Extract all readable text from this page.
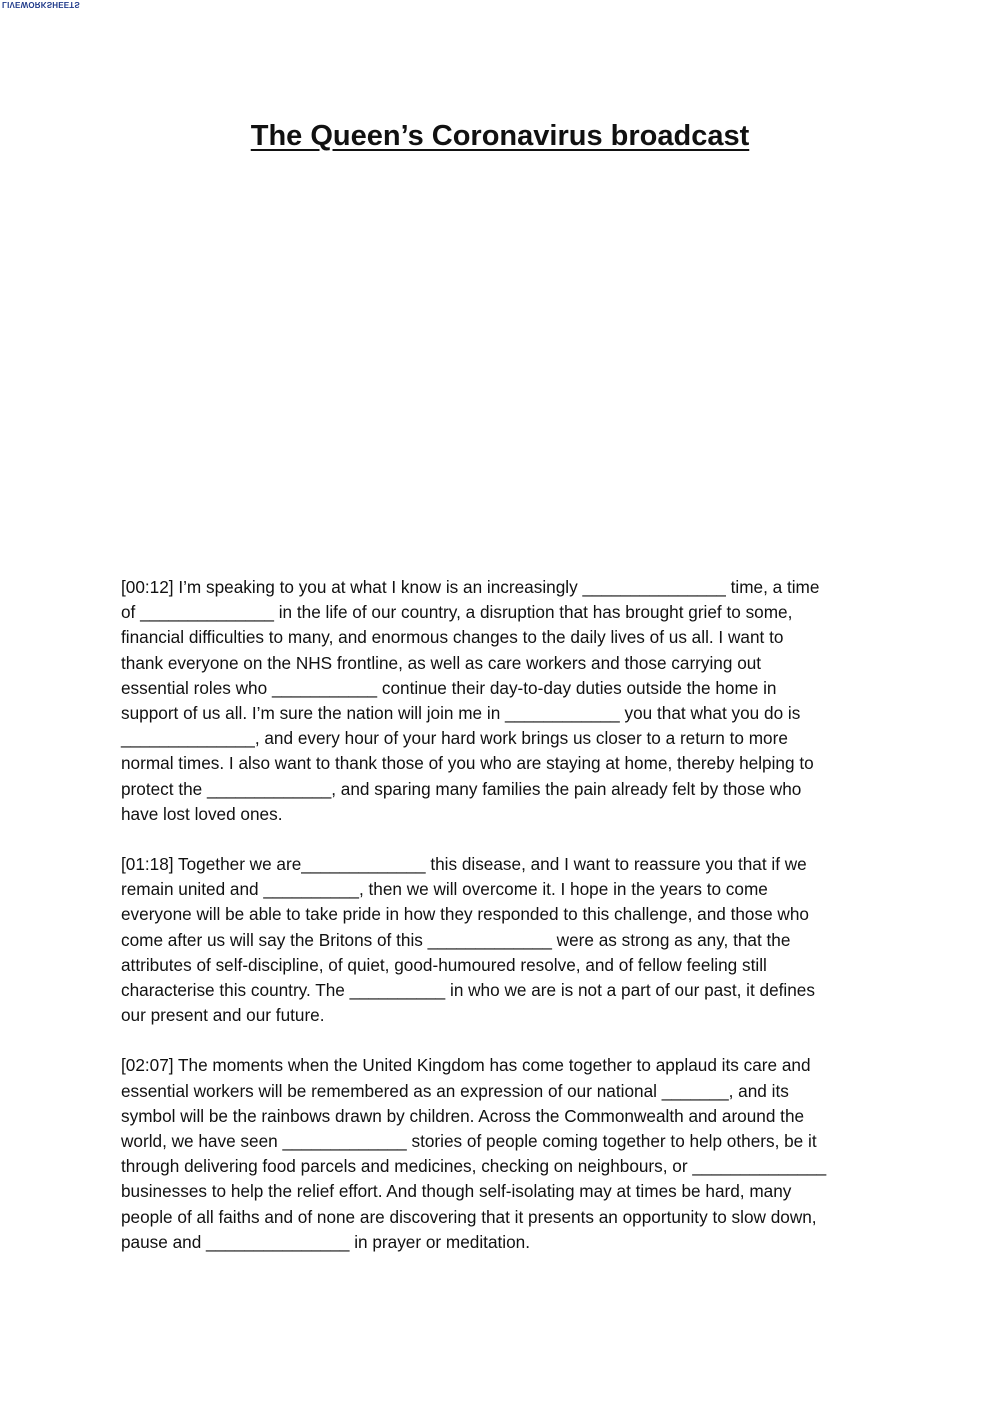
LIVEWORKSHEETS
The Queen’s Coronavirus broadcast

[00:12] I’m speaking to you at what I know is an increasingly _______________ time, a time
of ______________ in the life of our country, a disruption that has brought grief to some,
financial difficulties to many, and enormous changes to the daily lives of us all. I want to
thank everyone on the NHS frontline, as well as care workers and those carrying out
essential roles who ___________ continue their day-to-day duties outside the home in
support of us all. I’m sure the nation will join me in ____________ you that what you do is
______________, and every hour of your hard work brings us closer to a return to more
normal times. I also want to thank those of you who are staying at home, thereby helping to
protect the _____________, and sparing many families the pain already felt by those who
have lost loved ones.

[01:18] Together we are_____________ this disease, and I want to reassure you that if we
remain united and __________, then we will overcome it. I hope in the years to come
everyone will be able to take pride in how they responded to this challenge, and those who
come after us will say the Britons of this _____________ were as strong as any, that the
attributes of self-discipline, of quiet, good-humoured resolve, and of fellow feeling still
characterise this country. The __________ in who we are is not a part of our past, it defines
our present and our future.

[02:07] The moments when the United Kingdom has come together to applaud its care and
essential workers will be remembered as an expression of our national _______, and its
symbol will be the rainbows drawn by children. Across the Commonwealth and around the
world, we have seen _____________ stories of people coming together to help others, be it
through delivering food parcels and medicines, checking on neighbours, or ______________
businesses to help the relief effort. And though self-isolating may at times be hard, many
people of all faiths and of none are discovering that it presents an opportunity to slow down,
pause and _______________ in prayer or meditation.
